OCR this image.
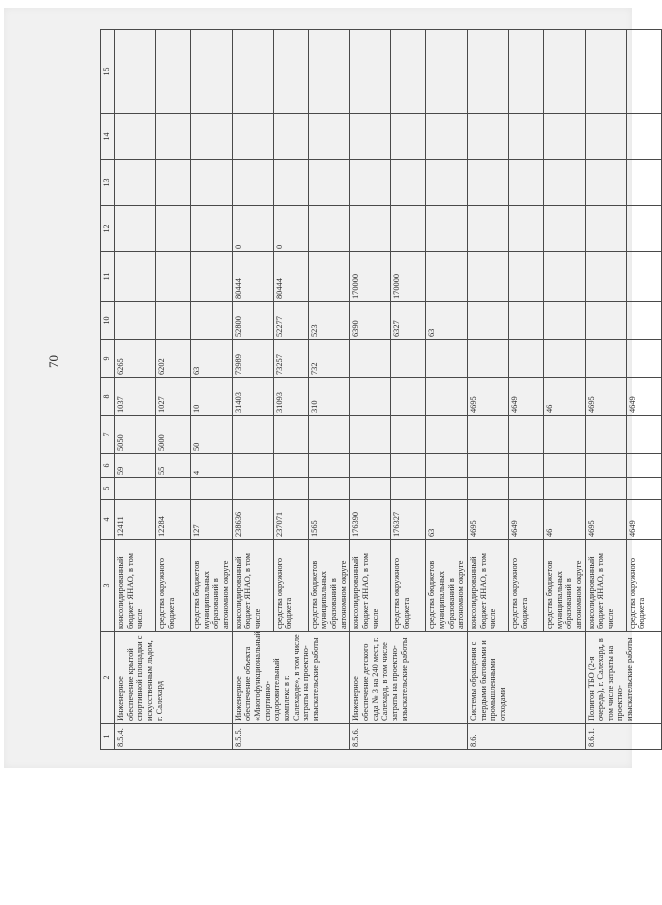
70
1	2	3	4	5	6	7	8	9	10	11	12	13	14	15
8.5.4.	Инженерное обеспечение крытой спортивной площадки с искусственным льдом, г. Салехард	консолидированный бюджет ЯНАО, в том числе	12411		59	5050	1037	6265						
		средства окружного бюджета	12284		55	5000	1027	6202						
		средства бюджетов муниципальных образований в автономном округе	127		4	50	10	63						
8.5.5.	Инженерное обеспечение объекта «Многофункциональный спортивно-оздоровительный комплекс в г. Салехарде», в том числе затраты на проектно-изыскательские работы	консолидированный бюджет ЯНАО, в том числе	238636				31403	73989	52800	80444	0			
		средства окружного бюджета	237071				31093	73257	52277	80444	0			
		средства бюджетов муниципальных образований в автономном округе	1565				310	732	523					
8.5.6.	Инженерное обеспечение детского сада № 3 на 240 мест, г. Салехард, в том числе затраты на проектно-изыскательские работы	консолидированный бюджет ЯНАО, в том числе	176390						6390	170000				
		средства окружного бюджета	176327						6327	170000				
		средства бюджетов муниципальных образований в автономном округе	63						63					
8.6.	Системы обращения с твердыми бытовыми и промышленными отходами	консолидированный бюджет ЯНАО, в том числе	4695				4695							
		средства окружного бюджета	4649				4649							
		средства бюджетов муниципальных образований в автономном округе	46				46							
8.6.1.	Полигон ТБО (2-я очередь), г. Салехард, в том числе затраты на проектно-изыскательские работы	консолидированный бюджет ЯНАО, в том числе	4695				4695							
		средства окружного бюджета	4649				4649							
